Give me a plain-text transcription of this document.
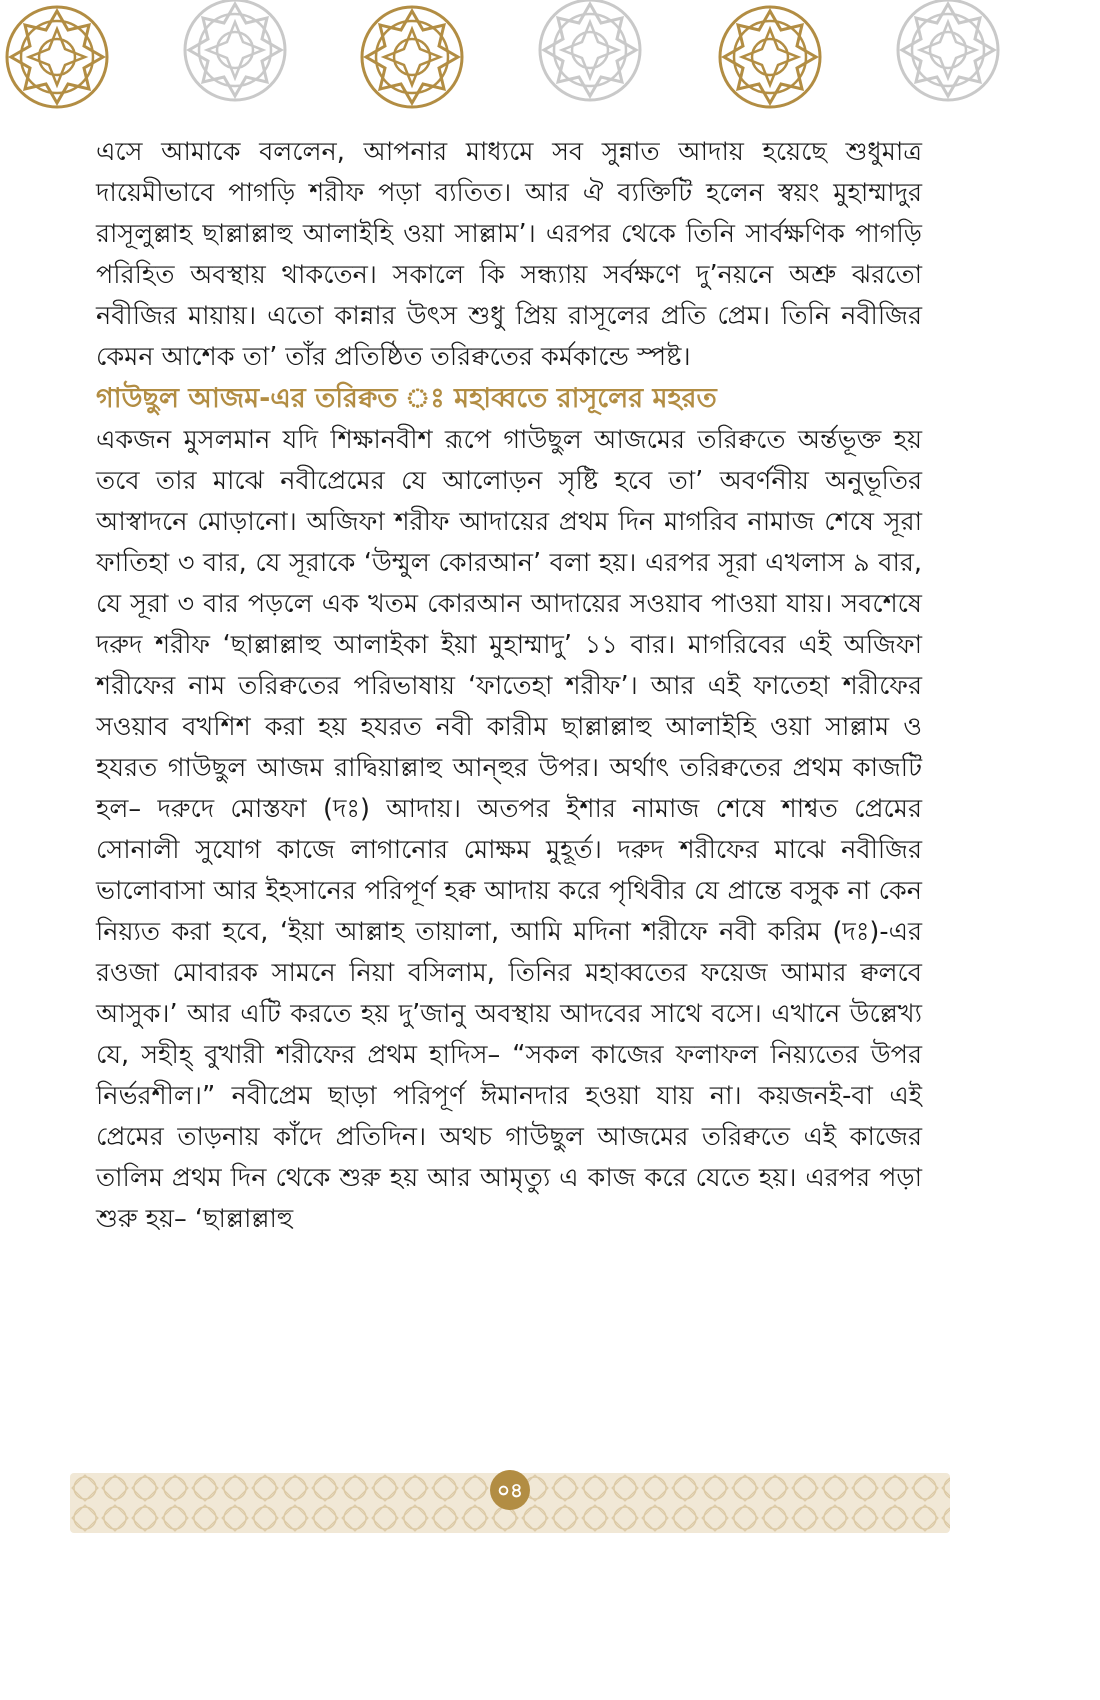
এসে আমাকে বললেন, আপনার মাধ্যমে সব সুন্নাত আদায় হয়েছে শুধুমাত্র দায়েমীভাবে পাগড়ি শরীফ পড়া ব্যতিত। আর ঐ ব্যক্তিটি হলেন স্বয়ং মুহাম্মাদুর রাসূলুল্লাহ ছাল্লাল্লাহু আলাইহি ওয়া সাল্লাম’। এরপর থেকে তিনি সার্বক্ষণিক পাগড়ি পরিহিত অবস্থায় থাকতেন। সকালে কি সন্ধ্যায় সর্বক্ষণে দু’নয়নে অশ্রু ঝরতো নবীজির মায়ায়। এতো কান্নার উৎস শুধু প্রিয় রাসূলের প্রতি প্রেম। তিনি নবীজির কেমন আশেক তা’ তাঁর প্রতিষ্ঠিত তরিক্বতের কর্মকান্ডে স্পষ্ট।

গাউছুল আজম-এর তরিক্বত ঃ মহাব্বতে রাসূলের মহরত

একজন মুসলমান যদি শিক্ষানবীশ রূপে গাউছুল আজমের তরিক্বতে অর্ন্তভূক্ত হয় তবে তার মাঝে নবীপ্রেমের যে আলোড়ন সৃষ্টি হবে তা’ অবর্ণনীয় অনুভূতির আস্বাদনে মোড়ানো। অজিফা শরীফ আদায়ের প্রথম দিন মাগরিব নামাজ শেষে সূরা ফাতিহা ৩ বার, যে সূরাকে ‘উম্মুল কোরআন’ বলা হয়। এরপর সূরা এখলাস ৯ বার, যে সূরা ৩ বার পড়লে এক খতম কোরআন আদায়ের সওয়াব পাওয়া যায়। সবশেষে দরুদ শরীফ ‘ছাল্লাল্লাহু আলাইকা ইয়া মুহাম্মাদু’ ১১ বার। মাগরিবের এই অজিফা শরীফের নাম তরিক্বতের পরিভাষায় ‘ফাতেহা শরীফ’। আর এই ফাতেহা শরীফের সওয়াব বখশিশ করা হয় হযরত নবী কারীম ছাল্লাল্লাহু আলাইহি ওয়া সাল্লাম ও হযরত গাউছুল আজম রাদ্বিয়াল্লাহু আন্হুর উপর। অর্থাৎ তরিক্বতের প্রথম কাজটি হল– দরুদে মোস্তফা (দঃ) আদায়। অতপর ইশার নামাজ শেষে শাশ্বত প্রেমের সোনালী সুযোগ কাজে লাগানোর মোক্ষম মুহূর্ত। দরুদ শরীফের মাঝে নবীজির ভালোবাসা আর ইহসানের পরিপূর্ণ হক্ব আদায় করে পৃথিবীর যে প্রান্তে বসুক না কেন নিয়্যত করা হবে, ‘ইয়া আল্লাহ তায়ালা, আমি মদিনা শরীফে নবী করিম (দঃ)-এর রওজা মোবারক সামনে নিয়া বসিলাম, তিনির মহাব্বতের ফয়েজ আমার ক্বলবে আসুক।’ আর এটি করতে হয় দু’জানু অবস্থায় আদবের সাথে বসে। এখানে উল্লেখ্য যে, সহীহ্ বুখারী শরীফের প্রথম হাদিস– “সকল কাজের ফলাফল নিয়্যতের উপর নির্ভরশীল।” নবীপ্রেম ছাড়া পরিপূর্ণ ঈমানদার হওয়া যায় না। কয়জনই-বা এই প্রেমের তাড়নায় কাঁদে প্রতিদিন। অথচ গাউছুল আজমের তরিক্বতে এই কাজের তালিম প্রথম দিন থেকে শুরু হয় আর আমৃত্যু এ কাজ করে যেতে হয়। এরপর পড়া শুরু হয়– ‘ছাল্লাল্লাহু

০৪
